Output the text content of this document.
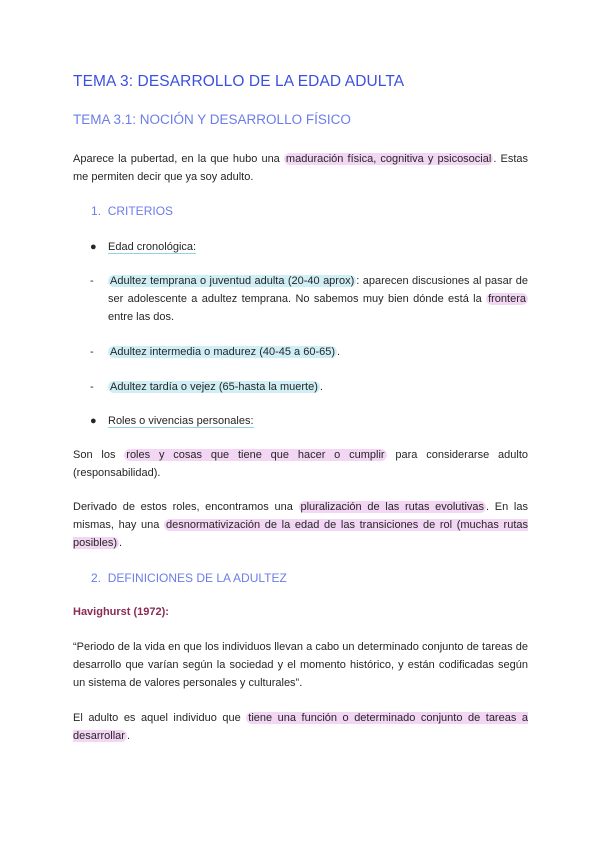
TEMA 3: DESARROLLO DE LA EDAD ADULTA
TEMA 3.1: NOCIÓN Y DESARROLLO FÍSICO
Aparece la pubertad, en la que hubo una maduración física, cognitiva y psicosocial . Estas me permiten decir que ya soy adulto.
1. CRITERIOS
● Edad cronológica:
- Adultez temprana o juventud adulta (20-40 aprox) : aparecen discusiones al pasar de ser adolescente a adultez temprana. No sabemos muy bien dónde está la frontera entre las dos.
- Adultez intermedia o madurez (40-45 a 60-65) .
- Adultez tardía o vejez (65-hasta la muerte) .
● Roles o vivencias personales:
Son los roles y cosas que tiene que hacer o cumplir para considerarse adulto (responsabilidad).
Derivado de estos roles, encontramos una pluralización de las rutas evolutivas . En las mismas, hay una desnormativización de la edad de las transiciones de rol (muchas rutas posibles) .
2. DEFINICIONES DE LA ADULTEZ
Havighurst (1972):
“Periodo de la vida en que los individuos llevan a cabo un determinado conjunto de tareas de desarrollo que varían según la sociedad y el momento histórico, y están codificadas según un sistema de valores personales y culturales”.
El adulto es aquel individuo que tiene una función o determinado conjunto de tareas a desarrollar .
